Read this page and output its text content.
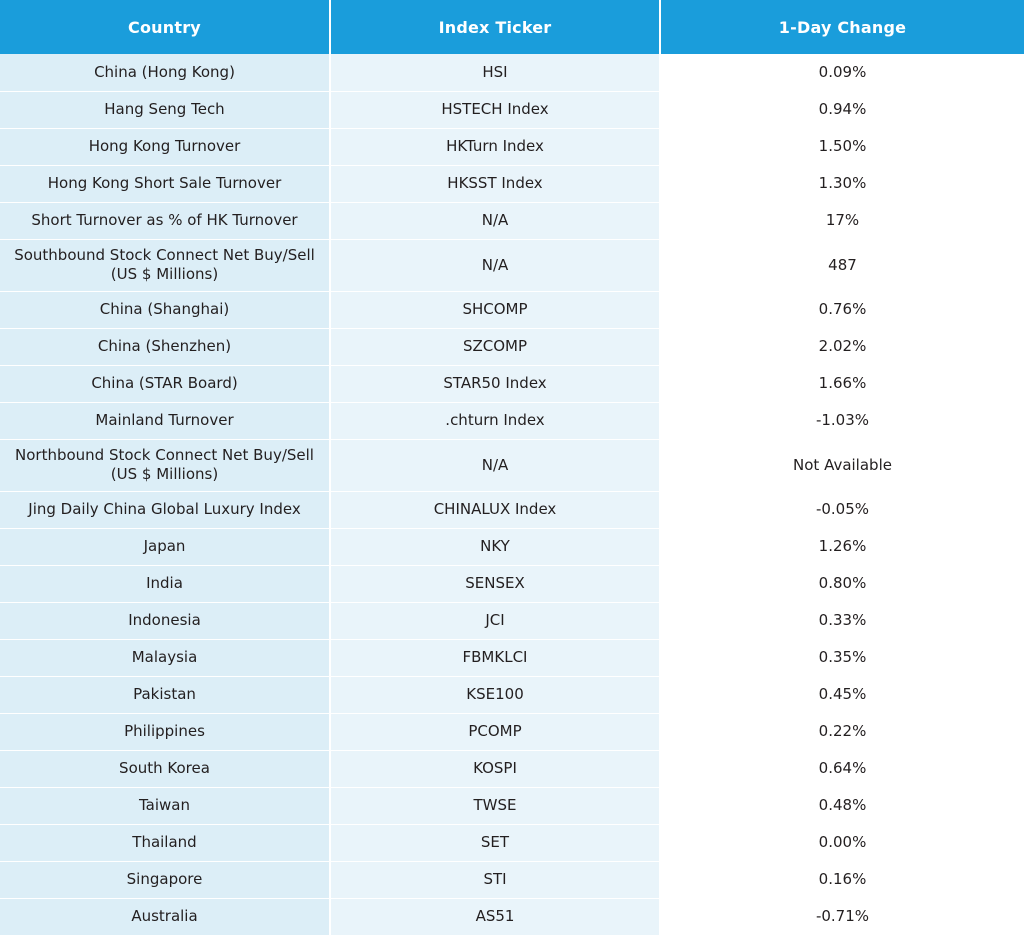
Country	Index Ticker	1-Day Change
China (Hong Kong)	HSI	0.09%
Hang Seng Tech	HSTECH Index	0.94%
Hong Kong Turnover	HKTurn Index	1.50%
Hong Kong Short Sale Turnover	HKSST Index	1.30%
Short Turnover as % of HK Turnover	N/A	17%
Southbound Stock Connect Net Buy/Sell (US $ Millions)	N/A	487
China (Shanghai)	SHCOMP	0.76%
China (Shenzhen)	SZCOMP	2.02%
China (STAR Board)	STAR50 Index	1.66%
Mainland Turnover	.chturn Index	-1.03%
Northbound Stock Connect Net Buy/Sell (US $ Millions)	N/A	Not Available
Jing Daily China Global Luxury Index	CHINALUX Index	-0.05%
Japan	NKY	1.26%
India	SENSEX	0.80%
Indonesia	JCI	0.33%
Malaysia	FBMKLCI	0.35%
Pakistan	KSE100	0.45%
Philippines	PCOMP	0.22%
South Korea	KOSPI	0.64%
Taiwan	TWSE	0.48%
Thailand	SET	0.00%
Singapore	STI	0.16%
Australia	AS51	-0.71%
